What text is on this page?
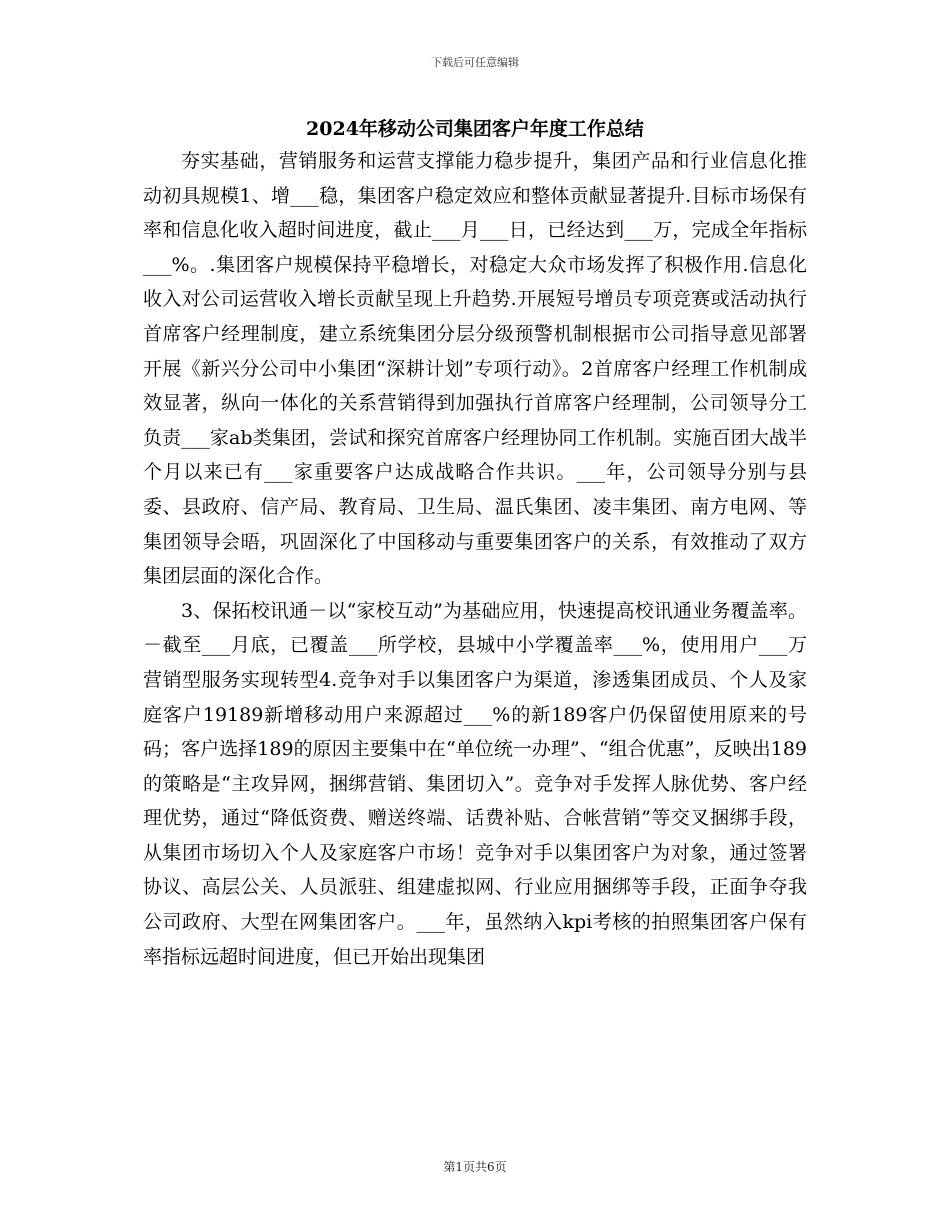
下载后可任意编辑
2024年移动公司集团客户年度工作总结

夯实基础，营销服务和运营支撑能力稳步提升，集团产品和行业信息化推动初具规模1、增___稳，集团客户稳定效应和整体贡献显著提升.目标市场保有率和信息化收入超时间进度，截止___月___日，已经达到___万，完成全年指标___%。.集团客户规模保持平稳增长，对稳定大众市场发挥了积极作用.信息化收入对公司运营收入增长贡献呈现上升趋势.开展短号增员专项竞赛或活动执行首席客户经理制度，建立系统集团分层分级预警机制根据市公司指导意见部署开展《新兴分公司中小集团“深耕计划”专项行动》。2首席客户经理工作机制成效显著，纵向一体化的关系营销得到加强执行首席客户经理制，公司领导分工负责___家ab类集团，尝试和探究首席客户经理协同工作机制。实施百团大战半个月以来已有___家重要客户达成战略合作共识。___年，公司领导分别与县委、县政府、信产局、教育局、卫生局、温氏集团、凌丰集团、南方电网、等集团领导会晤，巩固深化了中国移动与重要集团客户的关系，有效推动了双方集团层面的深化合作。

3、保拓校讯通－以“家校互动”为基础应用，快速提高校讯通业务覆盖率。－截至___月底，已覆盖___所学校，县城中小学覆盖率___%，使用用户___万营销型服务实现转型4.竞争对手以集团客户为渠道，渗透集团成员、个人及家庭客户19189新增移动用户来源超过___%的新189客户仍保留使用原来的号码；客户选择189的原因主要集中在“单位统一办理”、“组合优惠”，反映出189的策略是“主攻异网，捆绑营销、集团切入”。竞争对手发挥人脉优势、客户经理优势，通过“降低资费、赠送终端、话费补贴、合帐营销”等交叉捆绑手段，从集团市场切入个人及家庭客户市场！竞争对手以集团客户为对象，通过签署协议、高层公关、人员派驻、组建虚拟网、行业应用捆绑等手段，正面争夺我公司政府、大型在网集团客户。___年，虽然纳入kpi考核的拍照集团客户保有率指标远超时间进度，但已开始出现集团

第1页共6页
